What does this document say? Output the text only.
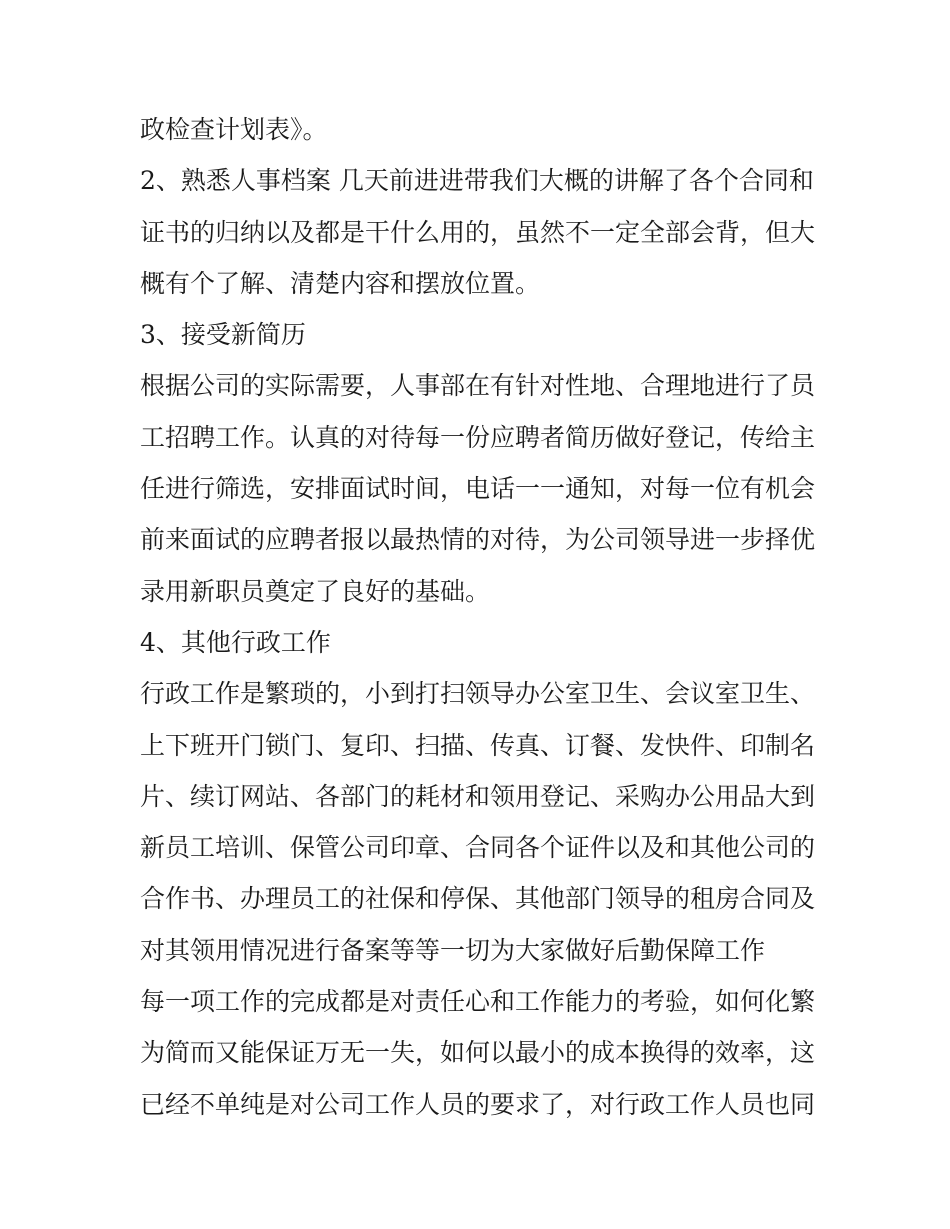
政检查计划表》。
2、熟悉人事档案 几天前进进带我们大概的讲解了各个合同和
证书的归纳以及都是干什么用的，虽然不一定全部会背，但大
概有个了解、清楚内容和摆放位置。
3、接受新简历
根据公司的实际需要，人事部在有针对性地、合理地进行了员
工招聘工作。认真的对待每一份应聘者简历做好登记，传给主
任进行筛选，安排面试时间，电话一一通知，对每一位有机会
前来面试的应聘者报以最热情的对待，为公司领导进一步择优
录用新职员奠定了良好的基础。
4、其他行政工作
行政工作是繁琐的，小到打扫领导办公室卫生、会议室卫生、
上下班开门锁门、复印、扫描、传真、订餐、发快件、印制名
片、续订网站、各部门的耗材和领用登记、采购办公用品大到
新员工培训、保管公司印章、合同各个证件以及和其他公司的
合作书、办理员工的社保和停保、其他部门领导的租房合同及
对其领用情况进行备案等等一切为大家做好后勤保障工作
每一项工作的完成都是对责任心和工作能力的考验，如何化繁
为简而又能保证万无一失，如何以最小的成本换得的效率，这
已经不单纯是对公司工作人员的要求了，对行政工作人员也同
